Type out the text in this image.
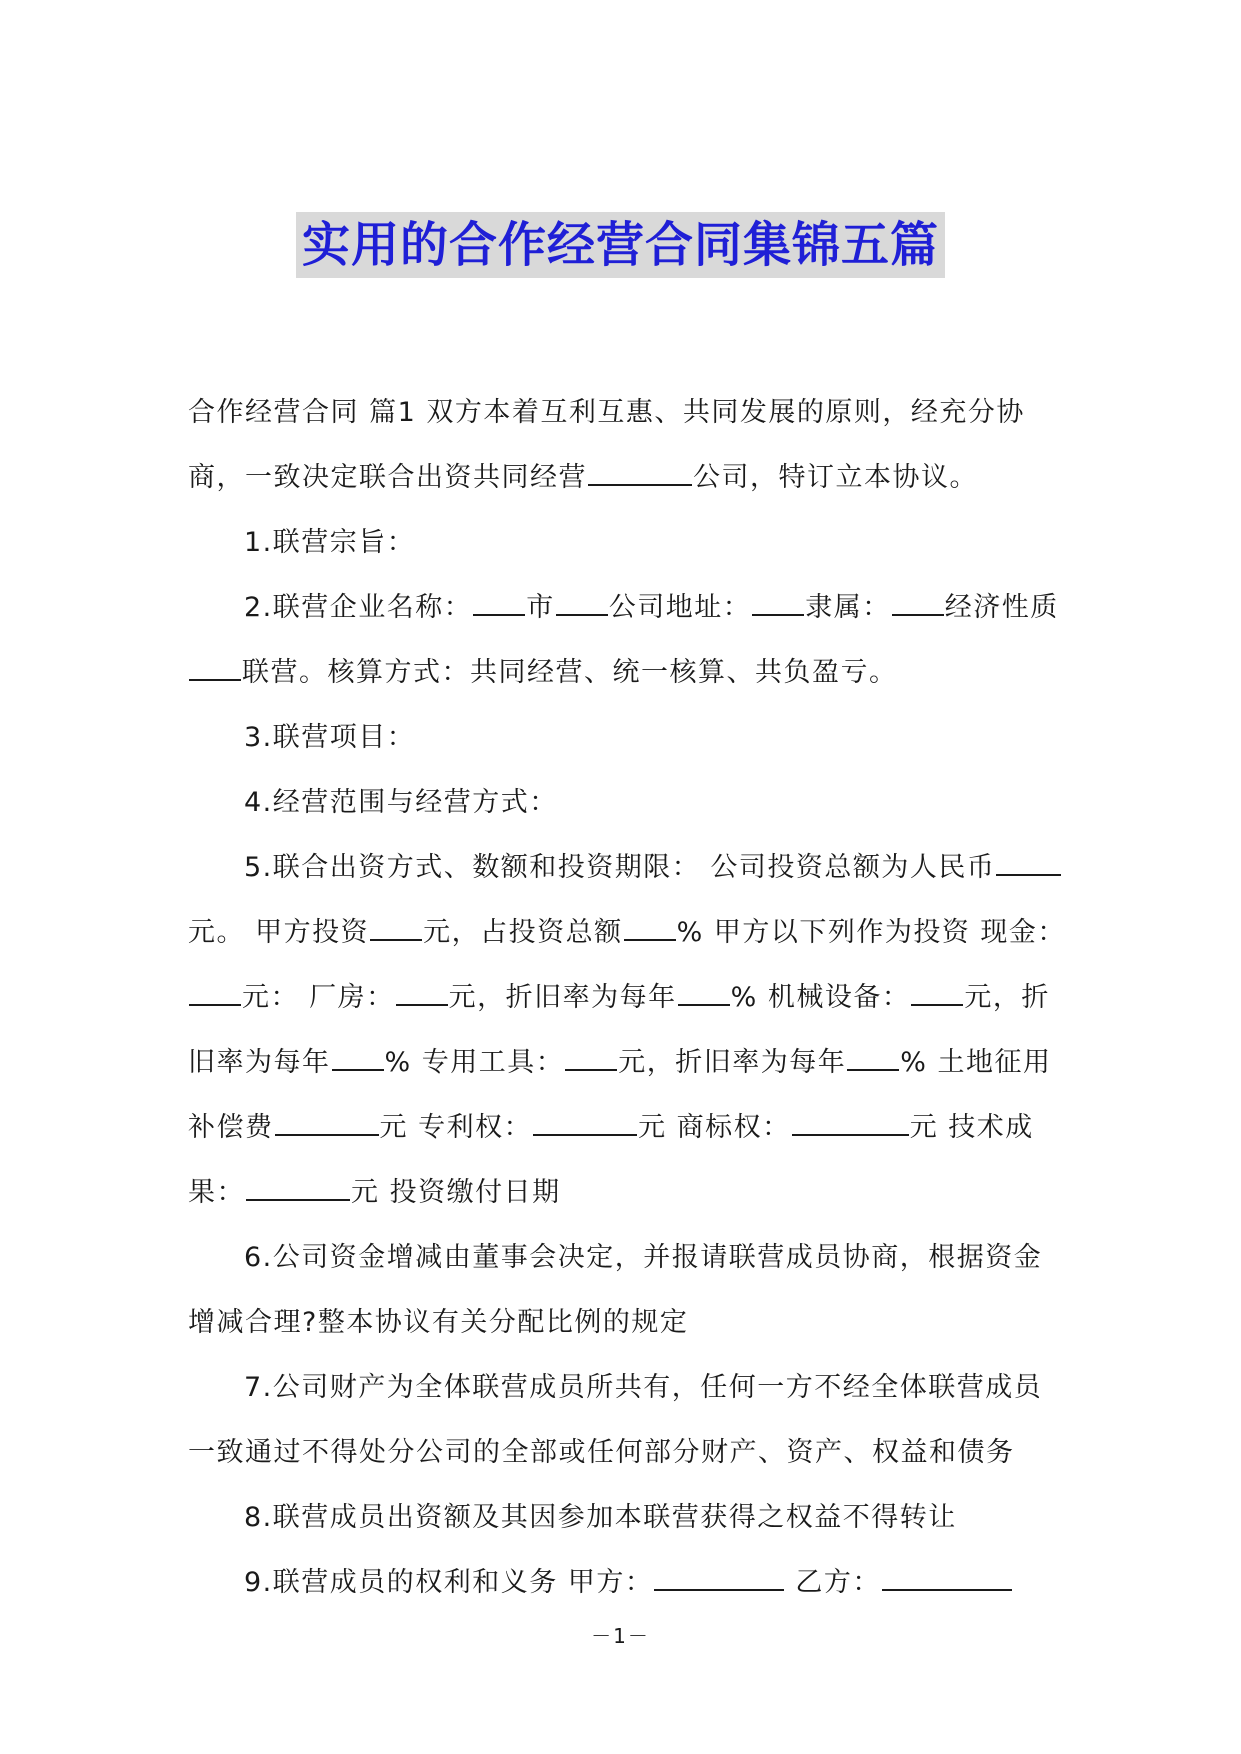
实用的合作经营合同集锦五篇

合作经营合同 篇1 双方本着互利互惠、共同发展的原则，经充分协商，一致决定联合出资共同经营	公司，特订立本协议。

1.联营宗旨：

2.联营企业名称： 市 公司地址： 隶属： 经济性质联营。核算方式：共同经营、统一核算、共负盈亏。

3.联营项目：

4.经营范围与经营方式：

5.联合出资方式、数额和投资期限： 公司投资总额为人民币元。 甲方投资 元，占投资总额 % 甲方以下列作为投资 现金：元： 厂房： 元，折旧率为每年 % 机械设备： 元，折旧率为每年 % 专用工具： 元，折旧率为每年 % 土地征用补偿费	元 专利权：	元 商标权：	元 技术成果：	元 投资缴付日期

6.公司资金增减由董事会决定，并报请联营成员协商，根据资金增减合理?整本协议有关分配比例的规定

7.公司财产为全体联营成员所共有，任何一方不经全体联营成员一致通过不得处分公司的全部或任何部分财产、资产、权益和债务

8.联营成员出资额及其因参加本联营获得之权益不得转让

9.联营成员的权利和义务 甲方：	乙方：

－1－
